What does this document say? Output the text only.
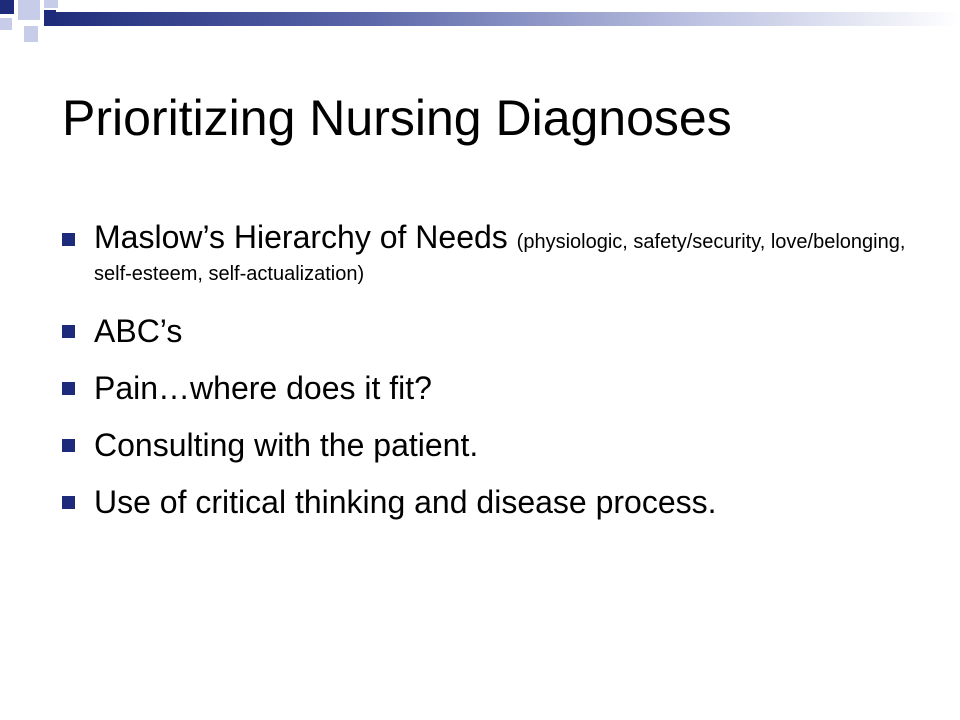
Prioritizing Nursing Diagnoses
Maslow’s Hierarchy of Needs (physiologic, safety/security, love/belonging, self-esteem, self-actualization)
ABC’s
Pain…where does it fit?
Consulting with the patient.
Use of critical thinking and disease process.
